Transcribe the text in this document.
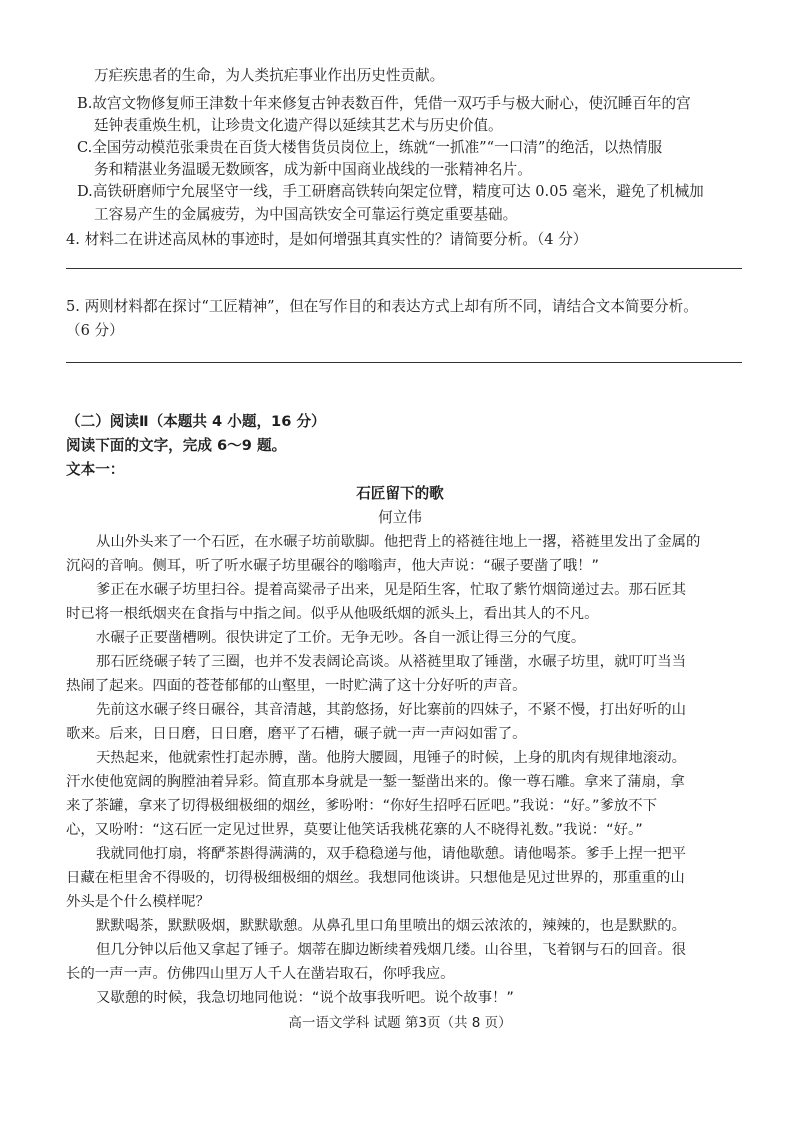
万疟疾患者的生命，为人类抗疟事业作出历史性贡献。
B.故宫文物修复师王津数十年来修复古钟表数百件，凭借一双巧手与极大耐心，使沉睡百年的宫
廷钟表重焕生机，让珍贵文化遗产得以延续其艺术与历史价值。
C.全国劳动模范张秉贵在百货大楼售货员岗位上，练就“一抓准”“一口清”的绝活，以热情服
务和精湛业务温暖无数顾客，成为新中国商业战线的一张精神名片。
D.高铁研磨师宁允展坚守一线，手工研磨高铁转向架定位臂，精度可达 0.05 毫米，避免了机械加
工容易产生的金属疲劳，为中国高铁安全可靠运行奠定重要基础。
4. 材料二在讲述高凤林的事迹时，是如何增强其真实性的？请简要分析。（4 分）
5. 两则材料都在探讨“工匠精神”，但在写作目的和表达方式上却有所不同，请结合文本简要分析。
（6 分）
（二）阅读Ⅱ（本题共 4 小题，16 分）
阅读下面的文字，完成 6～9 题。
文本一：
石匠留下的歌
何立伟
从山外头来了一个石匠，在水碾子坊前歇脚。他把背上的褡裢往地上一撂，褡裢里发出了金属的
沉闷的音响。侧耳，听了听水碾子坊里碾谷的嗡嗡声，他大声说：“碾子要凿了哦！”
爹正在水碾子坊里扫谷。提着高粱帚子出来，见是陌生客，忙取了紫竹烟筒递过去。那石匠其
时已将一根纸烟夹在食指与中指之间。似乎从他吸纸烟的派头上，看出其人的不凡。
水碾子正要凿槽咧。很快讲定了工价。无争无吵。各自一派让得三分的气度。
那石匠绕碾子转了三圈，也并不发表阔论高谈。从褡裢里取了锤凿，水碾子坊里，就叮叮当当
热闹了起来。四面的苍苍郁郁的山壑里，一时贮满了这十分好听的声音。
先前这水碾子终日碾谷，其音清越，其韵悠扬，好比寨前的四妹子，不紧不慢，打出好听的山
歌来。后来，日日磨，日日磨，磨平了石槽，碾子就一声一声闷如雷了。
天热起来，他就索性打起赤膊，凿。他胯大腰圆，甩锤子的时候，上身的肌肉有规律地滚动。
汗水使他宽阔的胸膛油着异彩。简直那本身就是一錾一錾凿出来的。像一尊石雕。拿来了蒲扇，拿
来了茶罐，拿来了切得极细极细的烟丝，爹吩咐：“你好生招呼石匠吧。”我说：“好。”爹放不下
心，又吩咐：“这石匠一定见过世界，莫要让他笑话我桃花寨的人不晓得礼数。”我说：“好。”
我就同他打扇，将酽茶斟得满满的，双手稳稳递与他，请他歇憩。请他喝茶。爹手上捏一把平
日藏在柜里舍不得吸的，切得极细极细的烟丝。我想同他谈讲。只想他是见过世界的，那重重的山
外头是个什么模样呢？
默默喝茶，默默吸烟，默默歇憩。从鼻孔里口角里喷出的烟云浓浓的，辣辣的，也是默默的。
但几分钟以后他又拿起了锤子。烟蒂在脚边断续着残烟几缕。山谷里，飞着钢与石的回音。很
长的一声一声。仿佛四山里万人千人在凿岩取石，你呼我应。
又歇憩的时候，我急切地同他说：“说个故事我听吧。说个故事！”
高一语文学科 试题 第3页（共 8 页）
